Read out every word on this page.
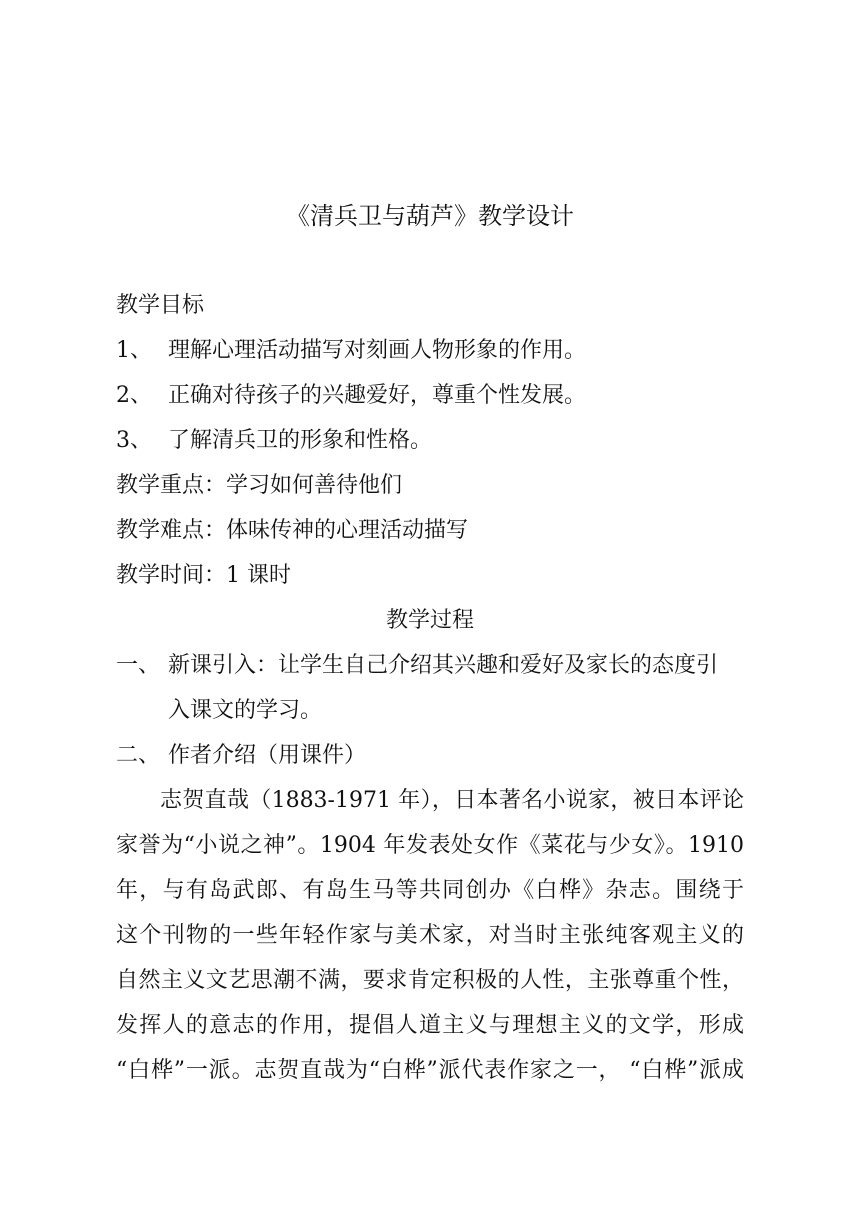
《清兵卫与葫芦》教学设计
教学目标
1、 理解心理活动描写对刻画人物形象的作用。
2、 正确对待孩子的兴趣爱好，尊重个性发展。
3、 了解清兵卫的形象和性格。
教学重点：学习如何善待他们
教学难点：体味传神的心理活动描写
教学时间：1 课时
教学过程
一、 新课引入：让学生自己介绍其兴趣和爱好及家长的态度引
入课文的学习。
二、 作者介绍（用课件）
志贺直哉（1883-1971 年），日本著名小说家，被日本评论
家誉为“小说之神”。1904 年发表处女作《菜花与少女》。1910
年，与有岛武郎、有岛生马等共同创办《白桦》杂志。围绕于
这个刊物的一些年轻作家与美术家，对当时主张纯客观主义的
自然主义文艺思潮不满，要求肯定积极的人性，主张尊重个性，
发挥人的意志的作用，提倡人道主义与理想主义的文学，形成
“白桦”一派。志贺直哉为“白桦”派代表作家之一， “白桦”派成
